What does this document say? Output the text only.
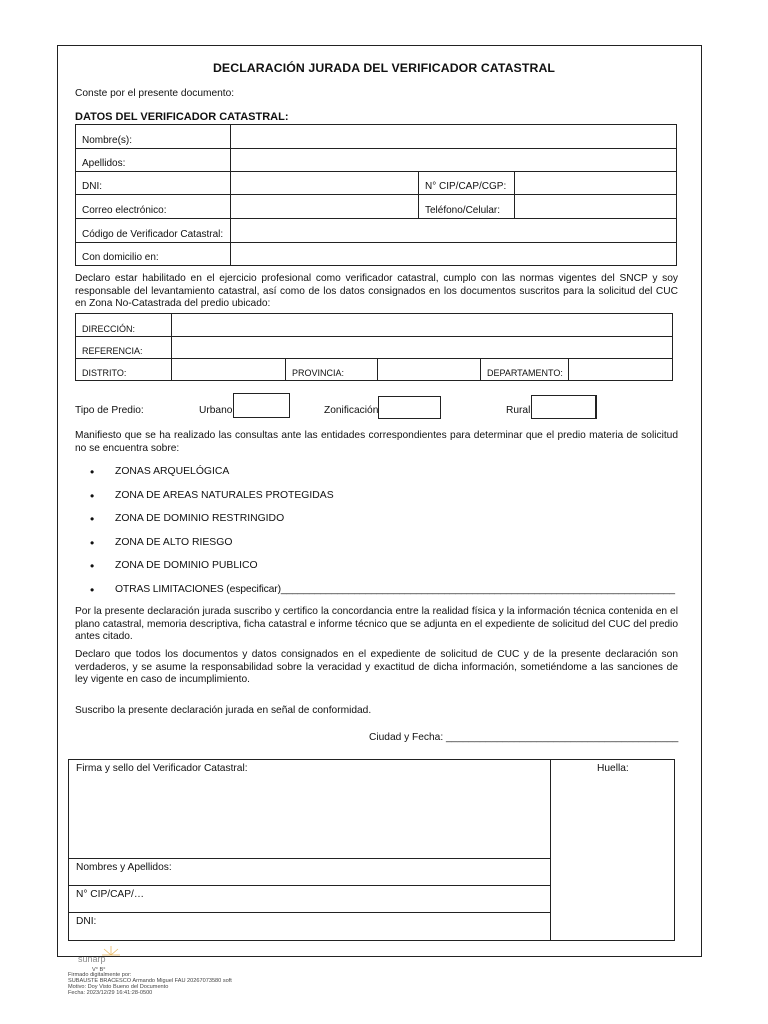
DECLARACIÓN JURADA DEL VERIFICADOR CATASTRAL
Conste por el presente documento:
DATOS DEL VERIFICADOR CATASTRAL:
Nombre(s):			
Apellidos:			
DNI:		N° CIP/CAP/CGP:	
Correo electrónico:		Teléfono/Celular:	
Código de Verificador Catastral:			
Con domicilio en:			
Declaro estar habilitado en el ejercicio profesional como verificador catastral, cumplo con las normas vigentes del SNCP y soy responsable del levantamiento catastral, así como de los datos consignados en los documentos suscritos para la solicitud del CUC en Zona No-Catastrada del predio ubicado:
DIRECCIÓN:					
REFERENCIA:					
DISTRITO:		PROVINCIA:		DEPARTAMENTO:	
Tipo de Predio:	Urbano	Zonificación	Rural
Manifiesto que se ha realizado las consultas ante las entidades correspondientes para determinar que el predio materia de solicitud no se encuentra sobre:
• ZONAS ARQUELÓGICA
• ZONA DE AREAS NATURALES PROTEGIDAS
• ZONA DE DOMINIO RESTRINGIDO
• ZONA DE ALTO RIESGO
• ZONA DE DOMINIO PUBLICO
• OTRAS LIMITACIONES (especificar)______________________________________________________________________
Por la presente declaración jurada suscribo y certifico la concordancia entre la realidad física y la información técnica contenida en el plano catastral, memoria descriptiva, ficha catastral e informe técnico que se adjunta en el expediente de solicitud del CUC del predio antes citado.
Declaro que todos los documentos y datos consignados en el expediente de solicitud de CUC y de la presente declaración son verdaderos, y se asume la responsabilidad sobre la veracidad y exactitud de dicha información, sometiéndome a las sanciones de ley vigente en caso de incumplimiento.
Suscribo la presente declaración jurada en señal de conformidad.
Ciudad y Fecha: _________________________________________
Firma y sello del Verificador Catastral:	Huella:
Nombres y Apellidos:
N° CIP/CAP/…
DNI:
sunarp
V° B°
Firmado digitalmente por:
SUBAUSTE BRACESCO Armando Miguel FAU 20267073580 soft
Motivo: Doy Visto Bueno del Documento
Fecha: 2023/12/29 16:41:28-0500
